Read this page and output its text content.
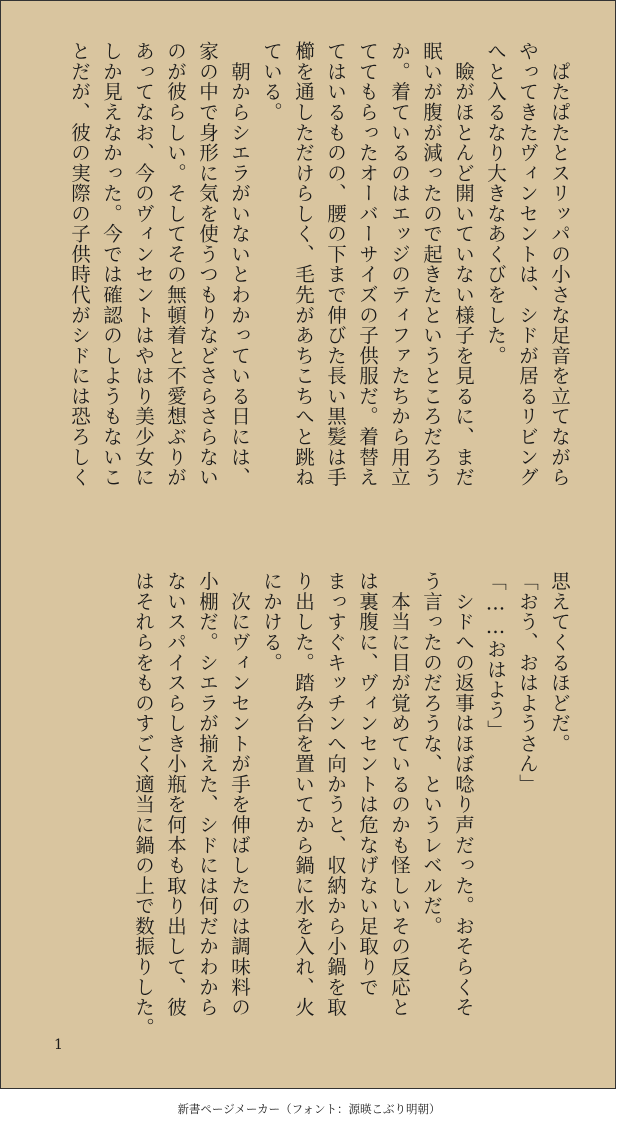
　ぱたぱたとスリッパの小さな足音を立てながら
やってきたヴィンセントは、シドが居るリビング
へと入るなり大きなあくびをした。
　瞼がほとんど開いていない様子を見るに、まだ
眠いが腹が減ったので起きたというところだろう
か。着ているのはエッジのティファたちから用立
ててもらったオーバーサイズの子供服だ。着替え
てはいるものの、腰の下まで伸びた長い黒髪は手
櫛を通しただけらしく、毛先があちこちへと跳ね
ている。
　朝からシエラがいないとわかっている日には、
家の中で身形に気を使うつもりなどさらさらない
のが彼らしい。そしてその無頓着と不愛想ぶりが
あってなお、今のヴィンセントはやはり美少女に
しか見えなかった。今では確認のしようもないこ
とだが、彼の実際の子供時代がシドには恐ろしく
思えてくるほどだ。
「おう、おはようさん」
「……おはよう」
　シドへの返事はほぼ唸り声だった。おそらくそ
う言ったのだろうな、というレベルだ。
　本当に目が覚めているのかも怪しいその反応と
は裏腹に、ヴィンセントは危なげない足取りで
まっすぐキッチンへ向かうと、収納から小鍋を取
り出した。踏み台を置いてから鍋に水を入れ、火
にかける。
　次にヴィンセントが手を伸ばしたのは調味料の
小棚だ。シエラが揃えた、シドには何だかわから
ないスパイスらしき小瓶を何本も取り出して、彼
はそれらをものすごく適当に鍋の上で数振りした。
1
新書ページメーカー（フォント：源暎こぶり明朝）
